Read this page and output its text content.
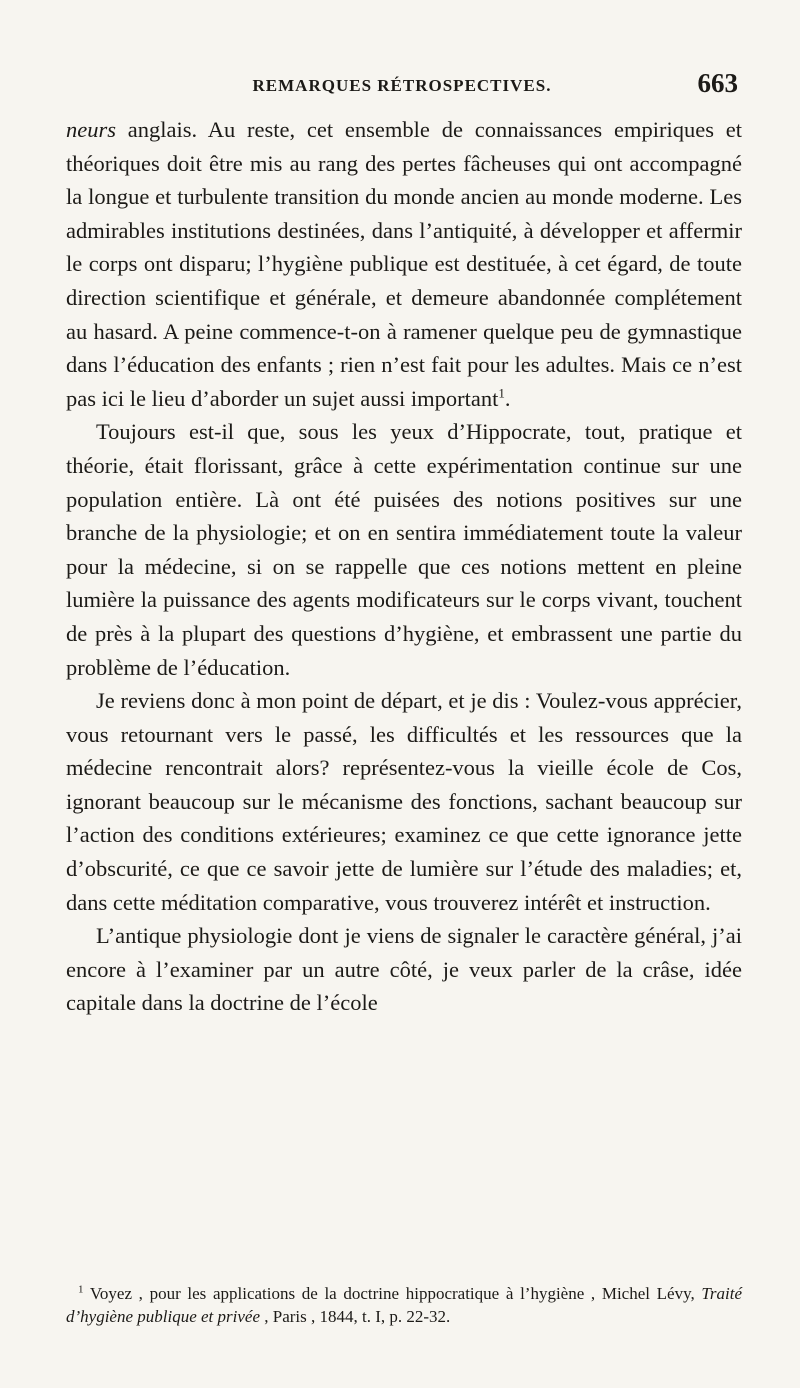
REMARQUES RÉTROSPECTIVES.	663

neurs anglais. Au reste, cet ensemble de connaissances empiriques et théoriques doit être mis au rang des pertes fâcheuses qui ont accompagné la longue et turbulente transition du monde ancien au monde moderne. Les admirables institutions destinées, dans l’antiquité, à développer et affermir le corps ont disparu; l’hygiène publique est destituée, à cet égard, de toute direction scientifique et générale, et demeure abandonnée complétement au hasard. A peine commence-t-on à ramener quelque peu de gymnastique dans l’éducation des enfants ; rien n’est fait pour les adultes. Mais ce n’est pas ici le lieu d’aborder un sujet aussi important$^1$.

Toujours est-il que, sous les yeux d’Hippocrate, tout, pratique et théorie, était florissant, grâce à cette expérimentation continue sur une population entière. Là ont été puisées des notions positives sur une branche de la physiologie; et on en sentira immédiatement toute la valeur pour la médecine, si on se rappelle que ces notions mettent en pleine lumière la puissance des agents modificateurs sur le corps vivant, touchent de près à la plupart des questions d’hygiène, et embrassent une partie du problème de l’éducation.

Je reviens donc à mon point de départ, et je dis : Voulez-vous apprécier, vous retournant vers le passé, les difficultés et les ressources que la médecine rencontrait alors? représentez-vous la vieille école de Cos, ignorant beaucoup sur le mécanisme des fonctions, sachant beaucoup sur l’action des conditions extérieures; examinez ce que cette ignorance jette d’obscurité, ce que ce savoir jette de lumière sur l’étude des maladies; et, dans cette méditation comparative, vous trouverez intérêt et instruction.

L’antique physiologie dont je viens de signaler le caractère général, j’ai encore à l’examiner par un autre côté, je veux parler de la crâse, idée capitale dans la doctrine de l’école

$^1$ Voyez , pour les applications de la doctrine hippocratique à l’hygiène , Michel Lévy, Traité d’hygiène publique et privée , Paris , 1844, t. I, p. 22-32.
